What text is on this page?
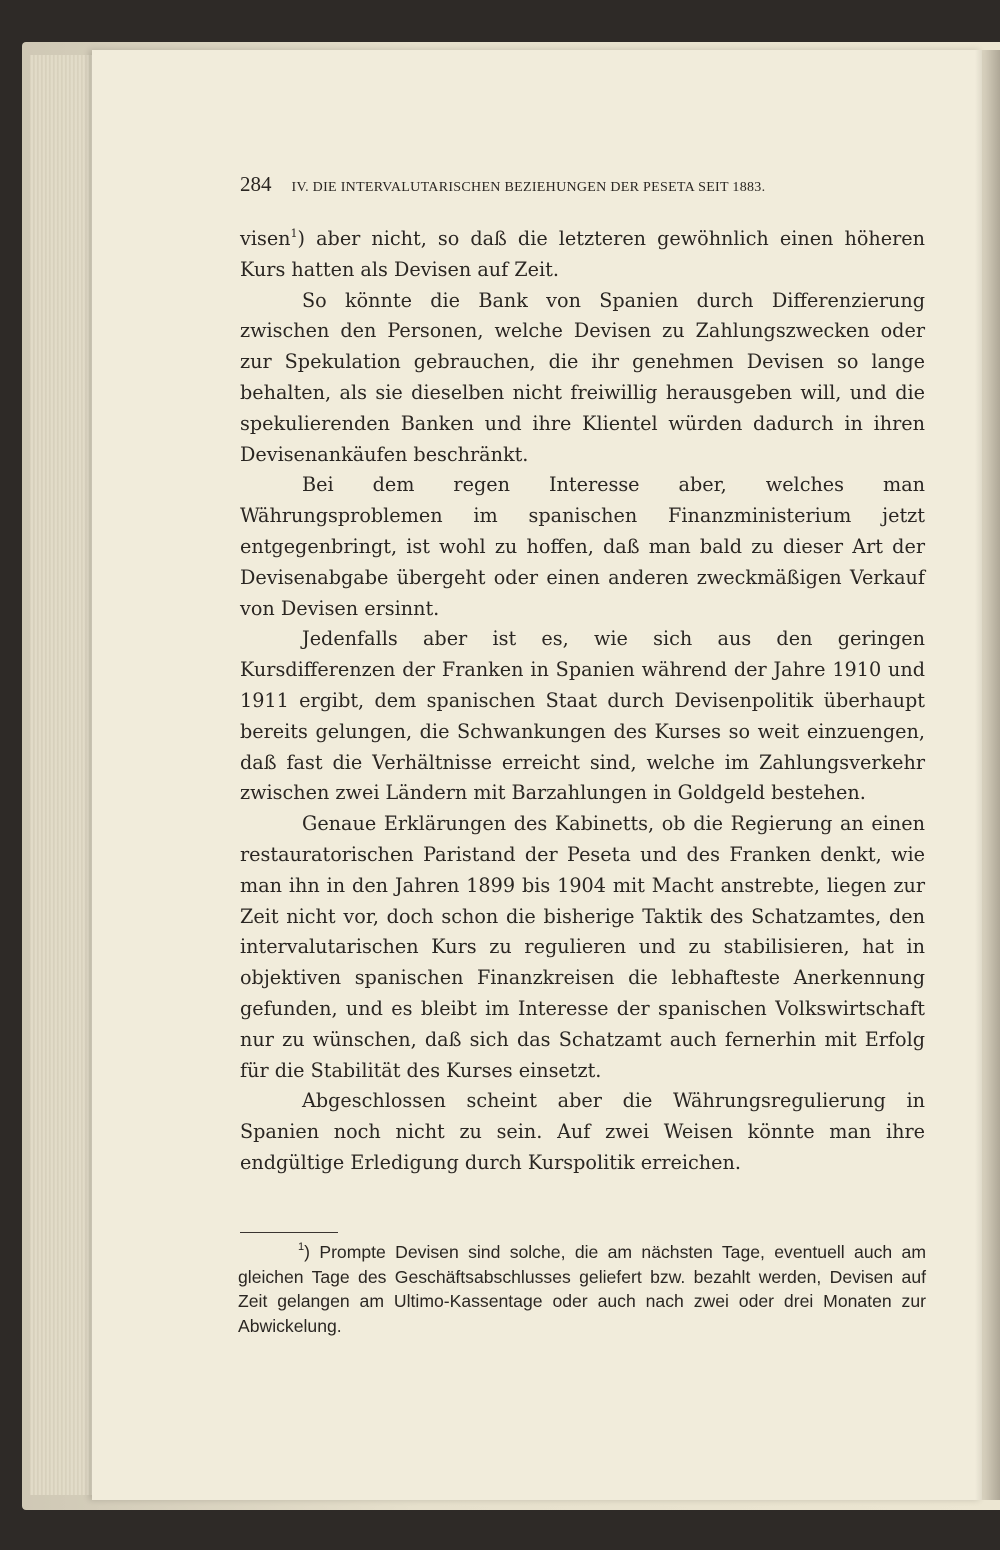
284 IV. DIE INTERVALUTARISCHEN BEZIEHUNGEN DER PESETA SEIT 1883.

visen$^1$) aber nicht, so daß die letzteren gewöhnlich einen höheren Kurs hatten als Devisen auf Zeit.

So könnte die Bank von Spanien durch Differenzierung zwischen den Personen, welche Devisen zu Zahlungszwecken oder zur Spekulation gebrauchen, die ihr genehmen Devisen so lange behalten, als sie dieselben nicht freiwillig herausgeben will, und die spekulierenden Banken und ihre Klientel würden dadurch in ihren Devisenankäufen beschränkt.

Bei dem regen Interesse aber, welches man Währungsproblemen im spanischen Finanzministerium jetzt entgegenbringt, ist wohl zu hoffen, daß man bald zu dieser Art der Devisenabgabe übergeht oder einen anderen zweckmäßigen Verkauf von Devisen ersinnt.

Jedenfalls aber ist es, wie sich aus den geringen Kursdifferenzen der Franken in Spanien während der Jahre 1910 und 1911 ergibt, dem spanischen Staat durch Devisenpolitik überhaupt bereits gelungen, die Schwankungen des Kurses so weit einzuengen, daß fast die Verhältnisse erreicht sind, welche im Zahlungsverkehr zwischen zwei Ländern mit Barzahlungen in Goldgeld bestehen.

Genaue Erklärungen des Kabinetts, ob die Regierung an einen restauratorischen Paristand der Peseta und des Franken denkt, wie man ihn in den Jahren 1899 bis 1904 mit Macht anstrebte, liegen zur Zeit nicht vor, doch schon die bisherige Taktik des Schatzamtes, den intervalutarischen Kurs zu regulieren und zu stabilisieren, hat in objektiven spanischen Finanzkreisen die lebhafteste Anerkennung gefunden, und es bleibt im Interesse der spanischen Volkswirtschaft nur zu wünschen, daß sich das Schatzamt auch fernerhin mit Erfolg für die Stabilität des Kurses einsetzt.

Abgeschlossen scheint aber die Währungsregulierung in Spanien noch nicht zu sein. Auf zwei Weisen könnte man ihre endgültige Erledigung durch Kurspolitik erreichen.

$^1$) Prompte Devisen sind solche, die am nächsten Tage, eventuell auch am gleichen Tage des Geschäftsabschlusses geliefert bzw. bezahlt werden, Devisen auf Zeit gelangen am Ultimo-Kassentage oder auch nach zwei oder drei Monaten zur Abwickelung.
